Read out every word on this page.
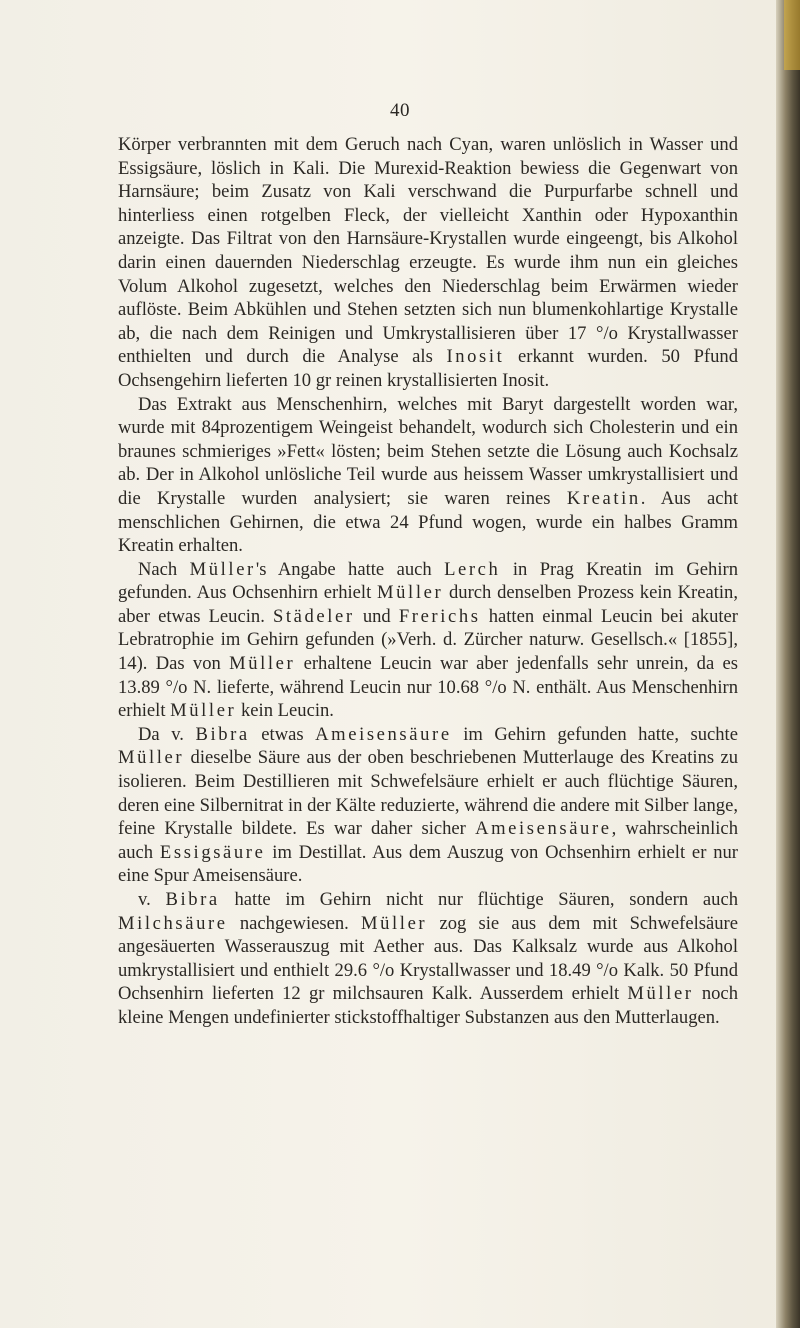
40

Körper verbrannten mit dem Geruch nach Cyan, waren unlöslich in Wasser und Essigsäure, löslich in Kali. Die Murexid-Reaktion bewiess die Gegenwart von Harnsäure; beim Zusatz von Kali verschwand die Purpurfarbe schnell und hinterliess einen rotgelben Fleck, der vielleicht Xanthin oder Hypoxanthin anzeigte. Das Filtrat von den Harnsäure-Krystallen wurde eingeengt, bis Alkohol darin einen dauernden Niederschlag erzeugte. Es wurde ihm nun ein gleiches Volum Alkohol zugesetzt, welches den Niederschlag beim Erwärmen wieder auflöste. Beim Abkühlen und Stehen setzten sich nun blumenkohlartige Krystalle ab, die nach dem Reinigen und Umkrystallisieren über 17 °/o Krystallwasser enthielten und durch die Analyse als Inosit erkannt wurden. 50 Pfund Ochsengehirn lieferten 10 gr reinen krystallisierten Inosit.

Das Extrakt aus Menschenhirn, welches mit Baryt dargestellt worden war, wurde mit 84prozentigem Weingeist behandelt, wodurch sich Cholesterin und ein braunes schmieriges »Fett« lösten; beim Stehen setzte die Lösung auch Kochsalz ab. Der in Alkohol unlösliche Teil wurde aus heissem Wasser umkrystallisiert und die Krystalle wurden analysiert; sie waren reines Kreatin. Aus acht menschlichen Gehirnen, die etwa 24 Pfund wogen, wurde ein halbes Gramm Kreatin erhalten.

Nach Müller's Angabe hatte auch Lerch in Prag Kreatin im Gehirn gefunden. Aus Ochsenhirn erhielt Müller durch denselben Prozess kein Kreatin, aber etwas Leucin. Städeler und Frerichs hatten einmal Leucin bei akuter Lebratrophie im Gehirn gefunden (»Verh. d. Zürcher naturw. Gesellsch.« [1855], 14). Das von Müller erhaltene Leucin war aber jedenfalls sehr unrein, da es 13.89 °/o N. lieferte, während Leucin nur 10.68 °/o N. enthält. Aus Menschenhirn erhielt Müller kein Leucin.

Da v. Bibra etwas Ameisensäure im Gehirn gefunden hatte, suchte Müller dieselbe Säure aus der oben beschriebenen Mutterlauge des Kreatins zu isolieren. Beim Destillieren mit Schwefelsäure erhielt er auch flüchtige Säuren, deren eine Silbernitrat in der Kälte reduzierte, während die andere mit Silber lange, feine Krystalle bildete. Es war daher sicher Ameisensäure, wahrscheinlich auch Essigsäure im Destillat. Aus dem Auszug von Ochsenhirn erhielt er nur eine Spur Ameisensäure.

v. Bibra hatte im Gehirn nicht nur flüchtige Säuren, sondern auch Milchsäure nachgewiesen. Müller zog sie aus dem mit Schwefelsäure angesäuerten Wasserauszug mit Aether aus. Das Kalksalz wurde aus Alkohol umkrystallisiert und enthielt 29.6 °/o Krystallwasser und 18.49 °/o Kalk. 50 Pfund Ochsenhirn lieferten 12 gr milchsauren Kalk. Ausserdem erhielt Müller noch kleine Mengen undefinierter stickstoffhaltiger Substanzen aus den Mutterlaugen.
